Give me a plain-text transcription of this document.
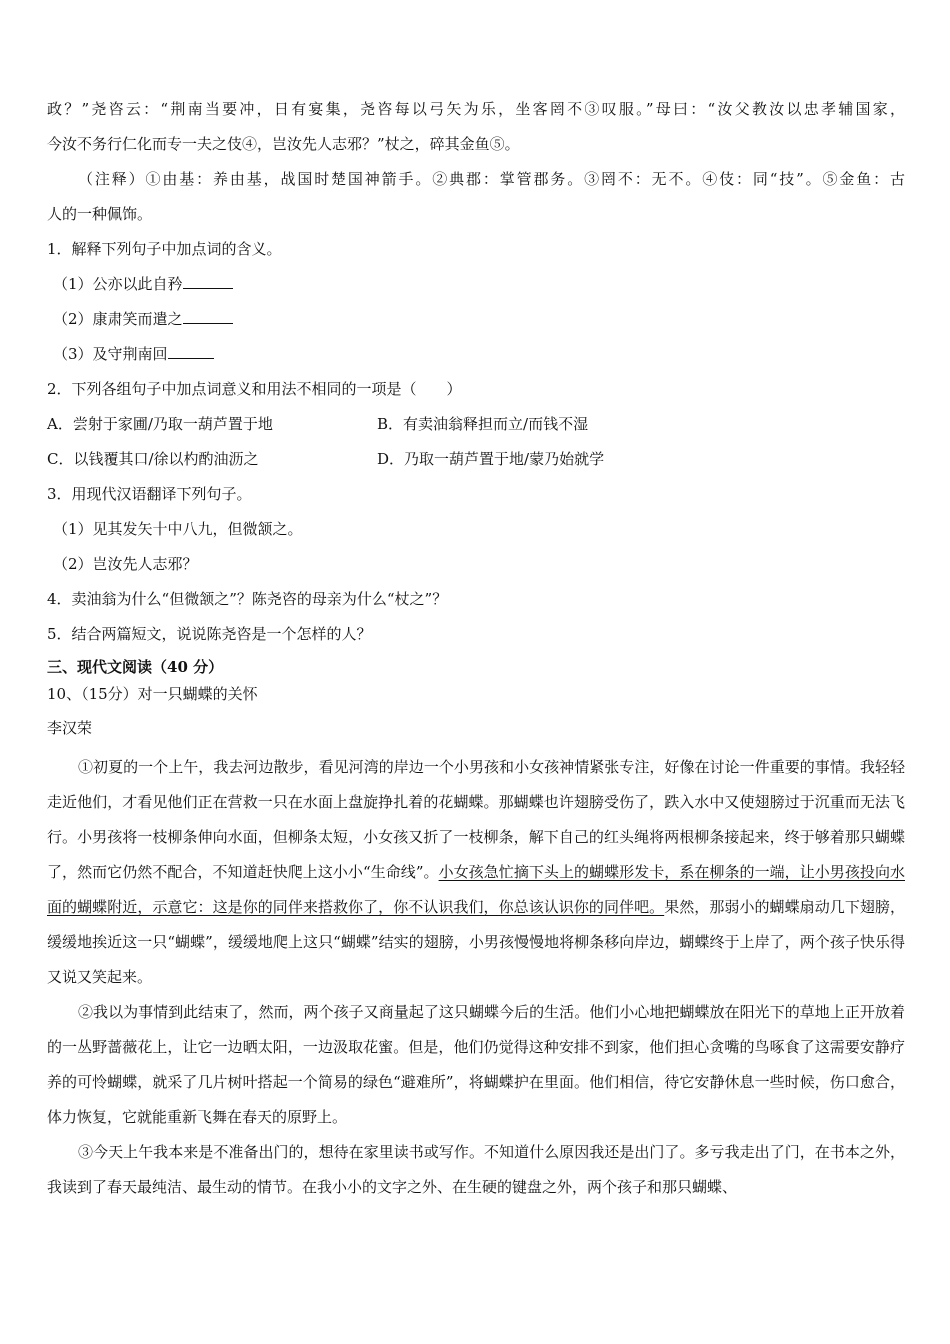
政？”尧咨云：“荆南当要冲，日有宴集，尧咨每以弓矢为乐，坐客罔不③叹服。”母曰：“汝父教汝以忠孝辅国家，
今汝不务行仁化而专一夫之伎④，岂汝先人志邪？”杖之，碎其金鱼⑤。
（注释）①由基：养由基，战国时楚国神箭手。②典郡：掌管郡务。③罔不：无不。④伎：同“技”。⑤金鱼：古
人的一种佩饰。
1．解释下列句子中加点词的含义。
（1）公亦以此自矜
（2）康肃笑而遣之
（3）及守荆南回
2．下列各组句子中加点词意义和用法不相同的一项是（　　）
A．尝射于家圃/乃取一葫芦置于地	B．有卖油翁释担而立/而钱不湿
C．以钱覆其口/徐以杓酌油沥之	D．乃取一葫芦置于地/蒙乃始就学
3．用现代汉语翻译下列句子。
（1）见其发矢十中八九，但微颔之。
（2）岂汝先人志邪？
4．卖油翁为什么“但微颔之”？陈尧咨的母亲为什么“杖之”？
5．结合两篇短文，说说陈尧咨是一个怎样的人？
三、现代文阅读（40 分）
10、（15分）对一只蝴蝶的关怀
李汉荣
①初夏的一个上午，我去河边散步，看见河湾的岸边一个小男孩和小女孩神情紧张专注，好像在讨论一件重要的事情。我轻轻走近他们，才看见他们正在营救一只在水面上盘旋挣扎着的花蝴蝶。那蝴蝶也许翅膀受伤了，跌入水中又使翅膀过于沉重而无法飞行。小男孩将一枝柳条伸向水面，但柳条太短，小女孩又折了一枝柳条，解下自己的红头绳将两根柳条接起来，终于够着那只蝴蝶了，然而它仍然不配合，不知道赶快爬上这小小“生命线”。小女孩急忙摘下头上的蝴蝶形发卡，系在柳条的一端，让小男孩投向水面的蝴蝶附近，示意它：这是你的同伴来搭救你了，你不认识我们，你总该认识你的同伴吧。果然，那弱小的蝴蝶扇动几下翅膀，缓缓地挨近这一只“蝴蝶”，缓缓地爬上这只“蝴蝶”结实的翅膀，小男孩慢慢地将柳条移向岸边，蝴蝶终于上岸了，两个孩子快乐得又说又笑起来。
②我以为事情到此结束了，然而，两个孩子又商量起了这只蝴蝶今后的生活。他们小心地把蝴蝶放在阳光下的草地上正开放着的一丛野蔷薇花上，让它一边晒太阳，一边汲取花蜜。但是，他们仍觉得这种安排不到家，他们担心贪嘴的鸟啄食了这需要安静疗养的可怜蝴蝶，就采了几片树叶搭起一个简易的绿色“避难所”，将蝴蝶护在里面。他们相信，待它安静休息一些时候，伤口愈合，体力恢复，它就能重新飞舞在春天的原野上。
③今天上午我本来是不准备出门的，想待在家里读书或写作。不知道什么原因我还是出门了。多亏我走出了门，在书本之外，我读到了春天最纯洁、最生动的情节。在我小小的文字之外、在生硬的键盘之外，两个孩子和那只蝴蝶、
